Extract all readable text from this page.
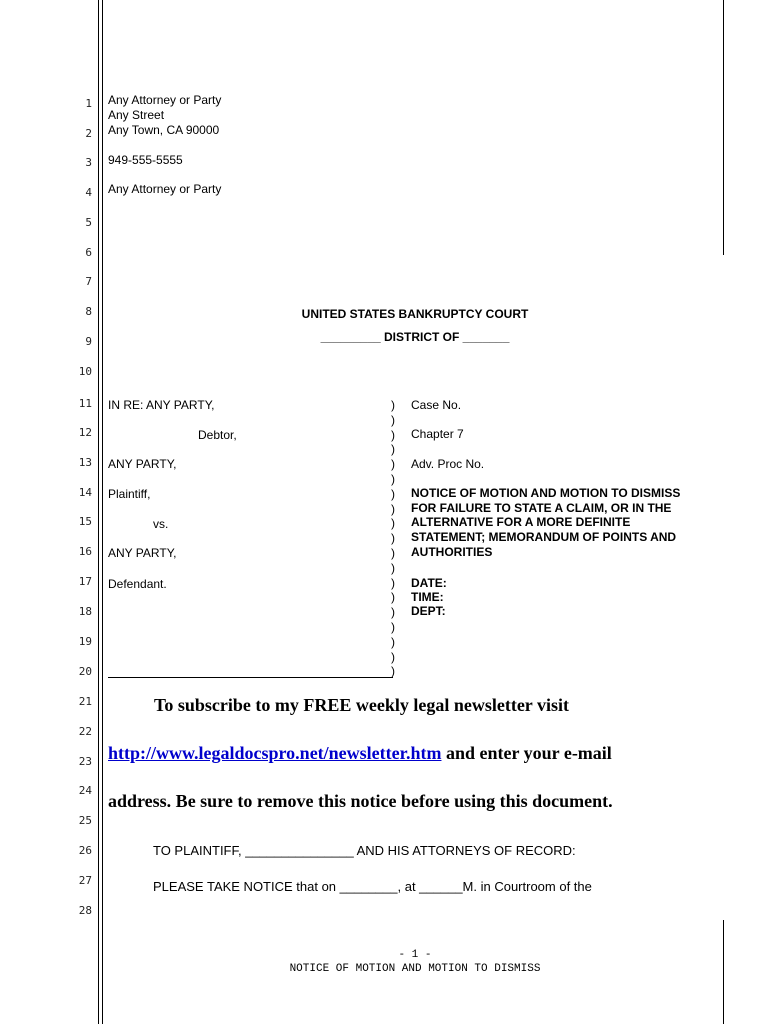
1
2
3
4
5
6
7
8
9
10
11
12
13
14
15
16
17
18
19
20
21
22
23
24
25
26
27
28
Any Attorney or Party
Any Street
Any Town, CA 90000
949-555-5555
Any Attorney or Party
UNITED STATES BANKRUPTCY COURT
_________ DISTRICT OF _______
IN RE: ANY PARTY,
Debtor,
ANY PARTY,
Plaintiff,
vs.
ANY PARTY,
Defendant.
)
)
)
)
)
)
)
)
)
)
)
)
)
)
)
)
)
)
)
Case No.
Chapter 7
Adv. Proc No.
NOTICE OF MOTION AND MOTION TO DISMISS
FOR FAILURE TO STATE A CLAIM, OR IN THE
ALTERNATIVE FOR A MORE DEFINITE
STATEMENT; MEMORANDUM OF POINTS AND
AUTHORITIES
DATE:
TIME:
DEPT:
To subscribe to my FREE weekly legal newsletter visit
http://www.legaldocspro.net/newsletter.htm and enter your e-mail
address. Be sure to remove this notice before using this document.
TO PLAINTIFF, _______________ AND HIS ATTORNEYS OF RECORD:
PLEASE TAKE NOTICE that on ________, at ______M. in Courtroom of the
- 1 -
NOTICE OF MOTION AND MOTION TO DISMISS
